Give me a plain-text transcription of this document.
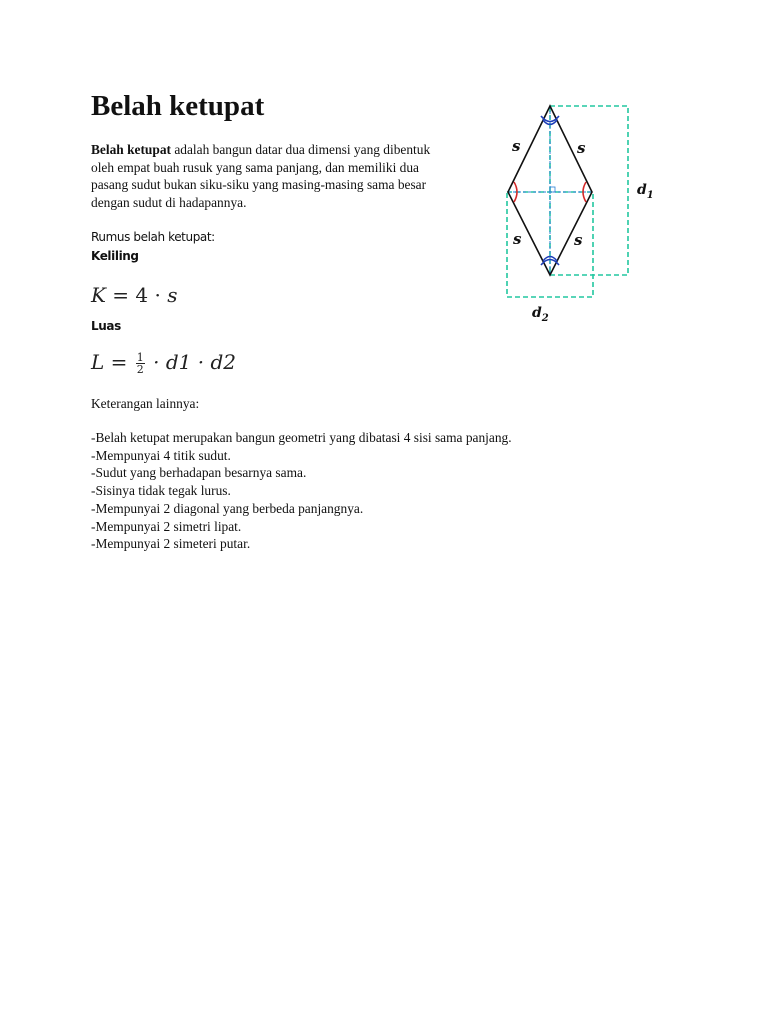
Belah ketupat

Belah ketupat adalah bangun datar dua dimensi yang dibentuk oleh empat buah rusuk yang sama panjang, dan memiliki dua pasang sudut bukan siku-siku yang masing-masing sama besar dengan sudut di hadapannya.

Rumus belah ketupat:
Keliling
K = 4 · s
Luas
$L = \frac{1}{2} \cdot d1 \cdot d2$
Keterangan lainnya:
-Belah ketupat merupakan bangun geometri yang dibatasi 4 sisi sama panjang.
-Mempunyai 4 titik sudut.
-Sudut yang berhadapan besarnya sama.
-Sisinya tidak tegak lurus.
-Mempunyai 2 diagonal yang berbeda panjangnya.
-Mempunyai 2 simetri lipat.
-Mempunyai 2 simeteri putar.
s	s
s	s
$d_1$
$d_2$
